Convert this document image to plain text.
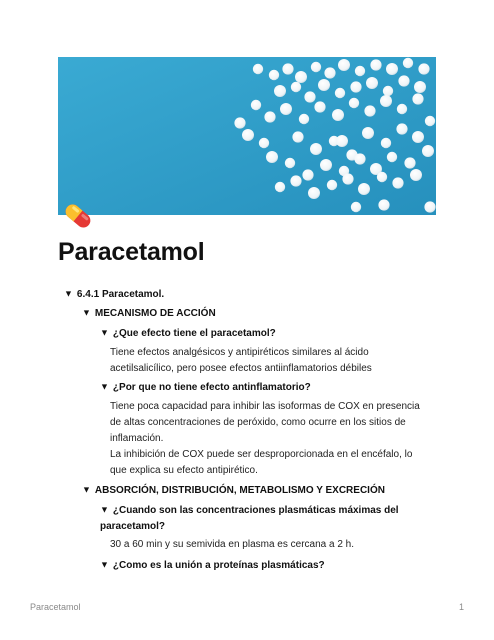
Paracetamol
▼ 6.4.1 Paracetamol.
▼ MECANISMO DE ACCIÓN
▼ ¿Que efecto tiene el paracetamol?

Tiene efectos analgésicos y antipiréticos similares al ácido acetilsalicílico, pero posee efectos antiinflamatorios débiles

▼ ¿Por que no tiene efecto antinflamatorio?

Tiene poca capacidad para inhibir las isoformas de COX en presencia de altas concentraciones de peróxido, como ocurre en los sitios de inflamación.

La inhibición de COX puede ser desproporcionada en el encéfalo, lo que explica su efecto antipirético.

▼ ABSORCIÓN, DISTRIBUCIÓN, METABOLISMO Y EXCRECIÓN
▼ ¿Cuando son las concentraciones plasmáticas máximas del paracetamol?

30 a 60 min y su semivida en plasma es cercana a 2 h.

▼ ¿Como es la unión a proteínas plasmáticas?
Paracetamol	1
